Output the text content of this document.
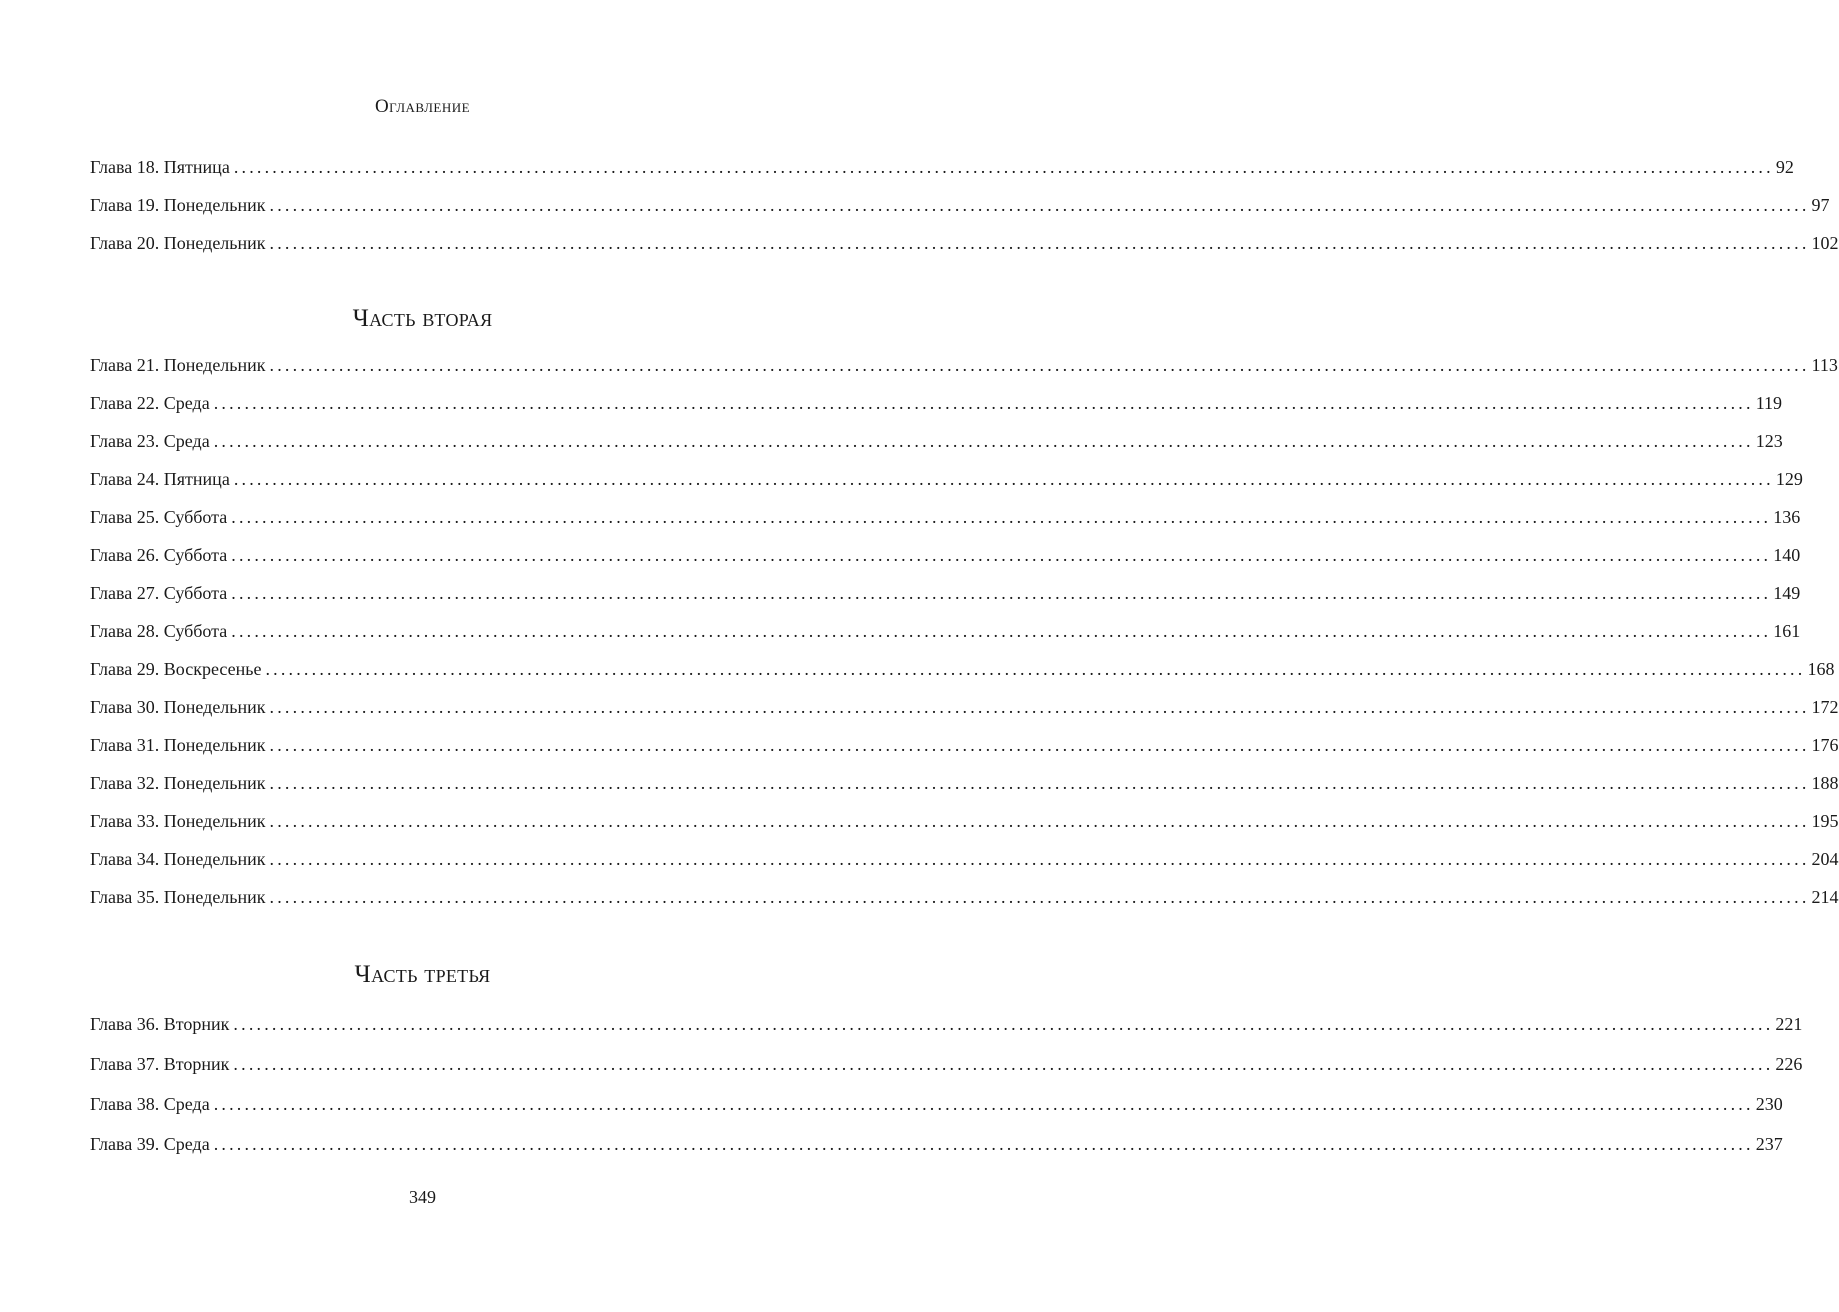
Оглавление
Глава 18. Пятница ........................................................................................................................................................................................................ 92
Глава 19. Понедельник ........................................................................................................................................................................................................ 97
Глава 20. Понедельник ........................................................................................................................................................................................................ 102
Часть вторая
Глава 21. Понедельник ........................................................................................................................................................................................................ 113
Глава 22. Среда ........................................................................................................................................................................................................ 119
Глава 23. Среда ........................................................................................................................................................................................................ 123
Глава 24. Пятница ........................................................................................................................................................................................................ 129
Глава 25. Суббота ........................................................................................................................................................................................................ 136
Глава 26. Суббота ........................................................................................................................................................................................................ 140
Глава 27. Суббота ........................................................................................................................................................................................................ 149
Глава 28. Суббота ........................................................................................................................................................................................................ 161
Глава 29. Воскресенье ........................................................................................................................................................................................................ 168
Глава 30. Понедельник ........................................................................................................................................................................................................ 172
Глава 31. Понедельник ........................................................................................................................................................................................................ 176
Глава 32. Понедельник ........................................................................................................................................................................................................ 188
Глава 33. Понедельник ........................................................................................................................................................................................................ 195
Глава 34. Понедельник ........................................................................................................................................................................................................ 204
Глава 35. Понедельник ........................................................................................................................................................................................................ 214
Часть третья
Глава 36. Вторник ........................................................................................................................................................................................................ 221
Глава 37. Вторник ........................................................................................................................................................................................................ 226
Глава 38. Среда ........................................................................................................................................................................................................ 230
Глава 39. Среда ........................................................................................................................................................................................................ 237
349
